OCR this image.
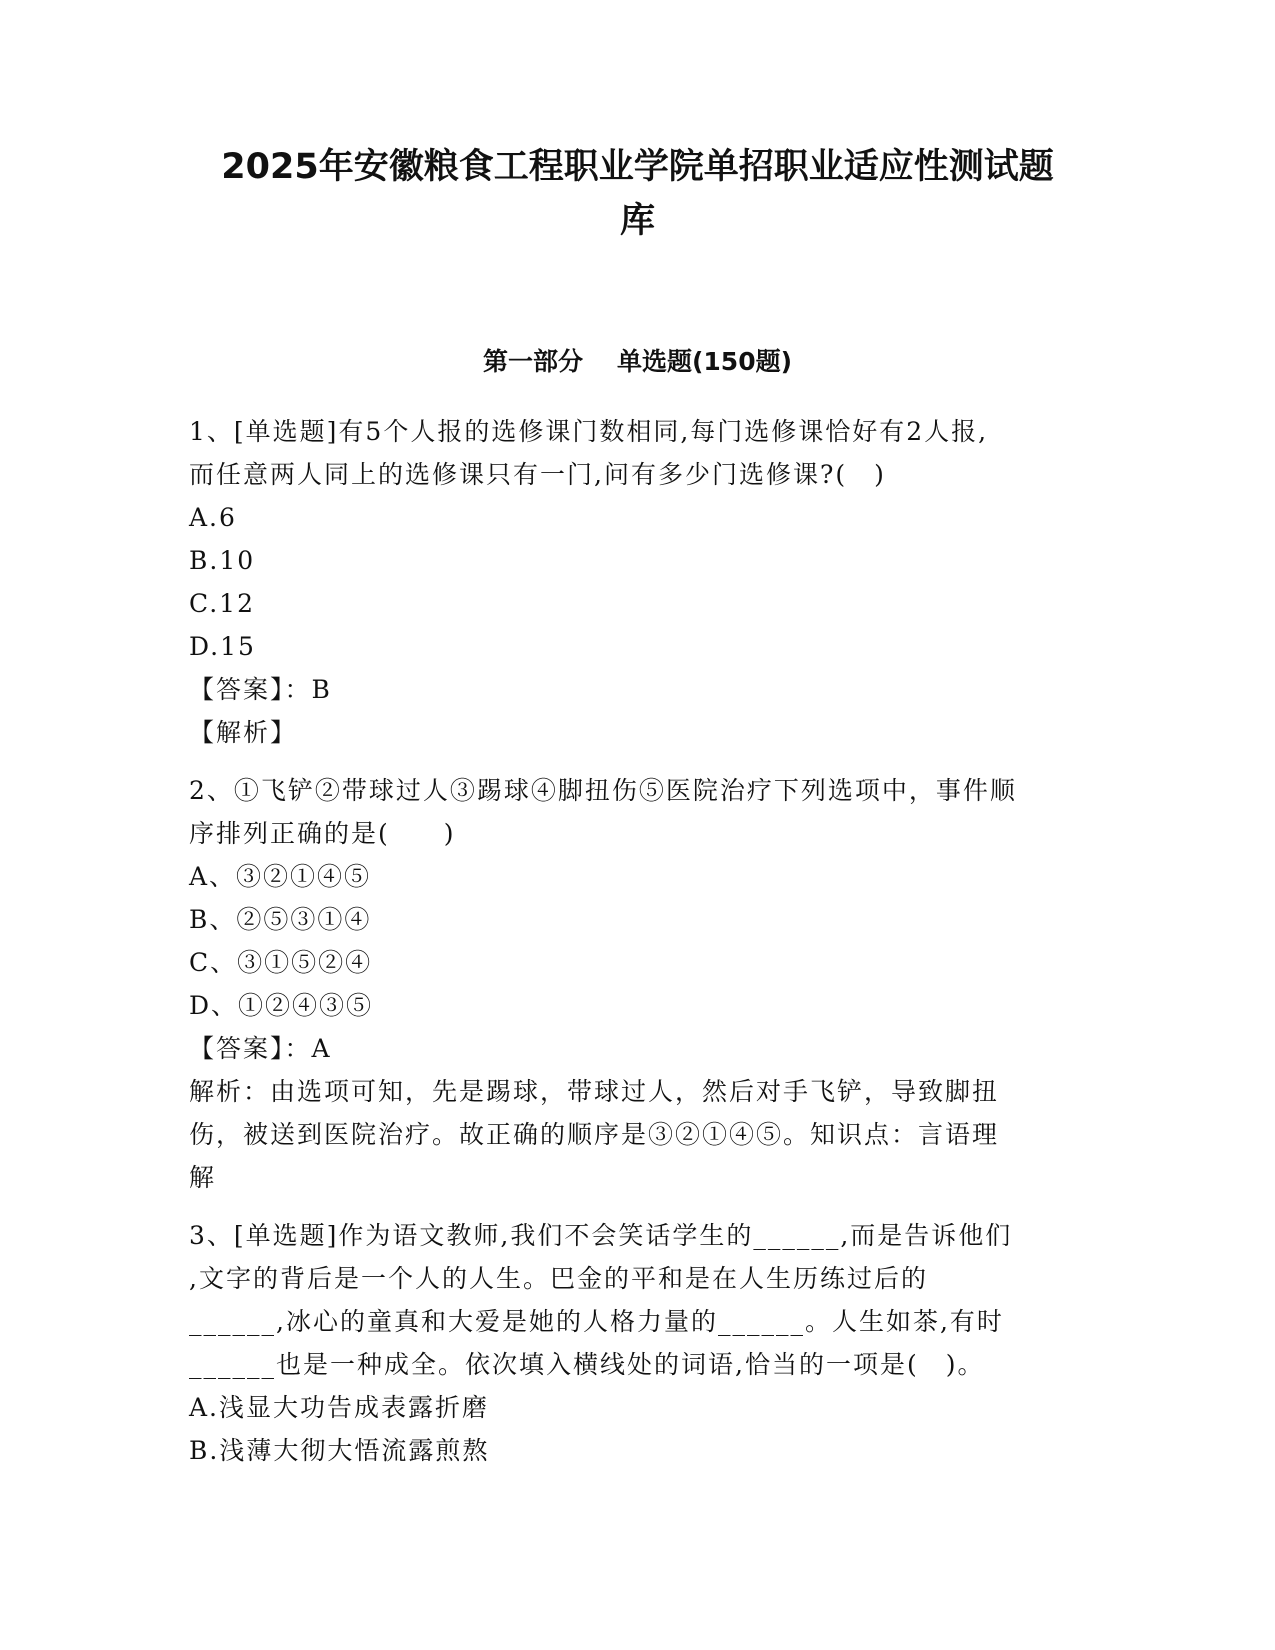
2025年安徽粮食工程职业学院单招职业适应性测试题
库
第一部分 单选题(150题)

1、[单选题]有5个人报的选修课门数相同,每门选修课恰好有2人报,

而任意两人同上的选修课只有一门,问有多少门选修课?(　)

A.6

B.10

C.12

D.15

【答案】：B

【解析】

2、①飞铲②带球过人③踢球④脚扭伤⑤医院治疗下列选项中，事件顺

序排列正确的是(　　)

A、③②①④⑤

B、②⑤③①④

C、③①⑤②④

D、①②④③⑤

【答案】：A

解析：由选项可知，先是踢球，带球过人，然后对手飞铲，导致脚扭

伤，被送到医院治疗。故正确的顺序是③②①④⑤。知识点：言语理

解

3、[单选题]作为语文教师,我们不会笑话学生的______,而是告诉他们

,文字的背后是一个人的人生。巴金的平和是在人生历练过后的

______,冰心的童真和大爱是她的人格力量的______。人生如茶,有时

______也是一种成全。依次填入横线处的词语,恰当的一项是(　)。

A.浅显大功告成表露折磨

B.浅薄大彻大悟流露煎熬
